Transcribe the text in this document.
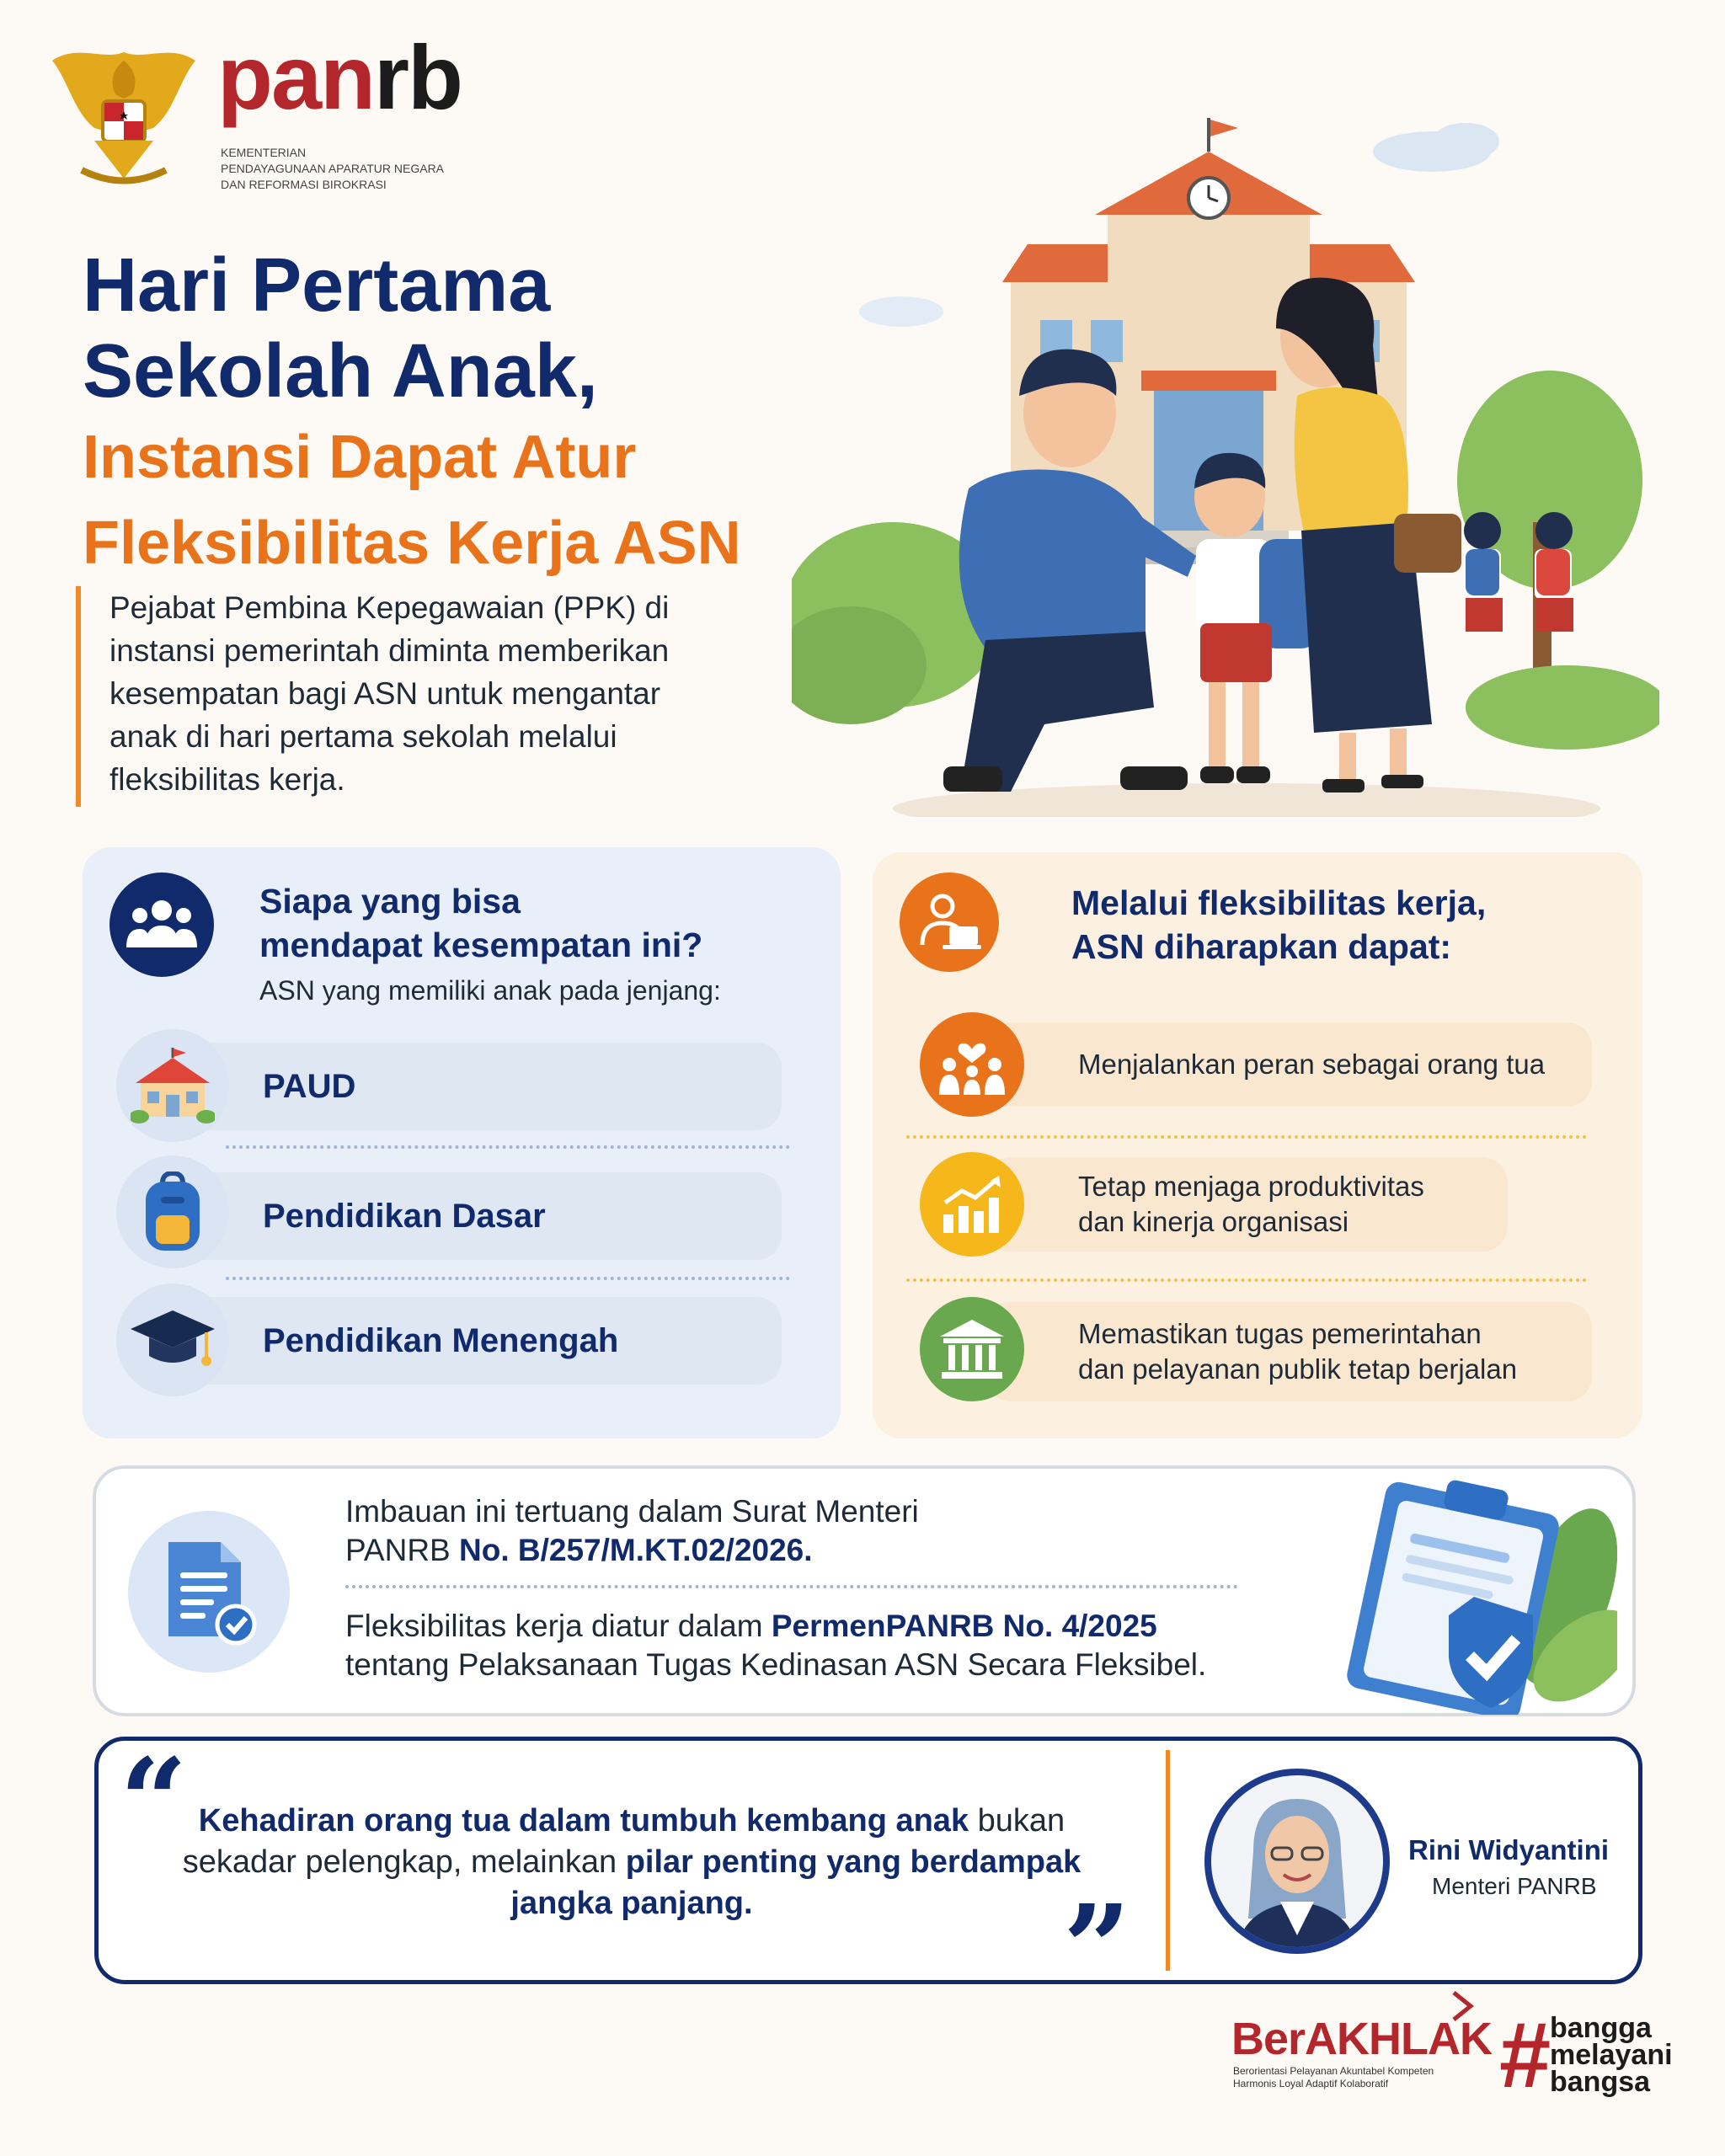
panrb
KEMENTERIAN
PENDAYAGUNAAN APARATUR NEGARA
DAN REFORMASI BIROKRASI
Hari Pertama
Sekolah Anak,
Instansi Dapat Atur
Fleksibilitas Kerja ASN
Pejabat Pembina Kepegawaian (PPK) di
instansi pemerintah diminta memberikan
kesempatan bagi ASN untuk mengantar
anak di hari pertama sekolah melalui
fleksibilitas kerja.
Siapa yang bisa
mendapat kesempatan ini?
ASN yang memiliki anak pada jenjang:
PAUD
Pendidikan Dasar
Pendidikan Menengah
Melalui fleksibilitas kerja,
ASN diharapkan dapat:
Menjalankan peran sebagai orang tua
Tetap menjaga produktivitas
dan kinerja organisasi
Memastikan tugas pemerintahan
dan pelayanan publik tetap berjalan
Imbauan ini tertuang dalam Surat Menteri
PANRB No. B/257/M.KT.02/2026.
Fleksibilitas kerja diatur dalam PermenPANRB No. 4/2025
tentang Pelaksanaan Tugas Kedinasan ASN Secara Fleksibel.
“
”
Kehadiran orang tua dalam tumbuh kembang anak bukan
sekadar pelengkap, melainkan pilar penting yang berdampak
jangka panjang.
Rini Widyantini
Menteri PANRB
BerAKHLAK
Berorientasi Pelayanan Akuntabel Kompeten
Harmonis Loyal Adaptif Kolaboratif	#
bangga
melayani
bangsa
